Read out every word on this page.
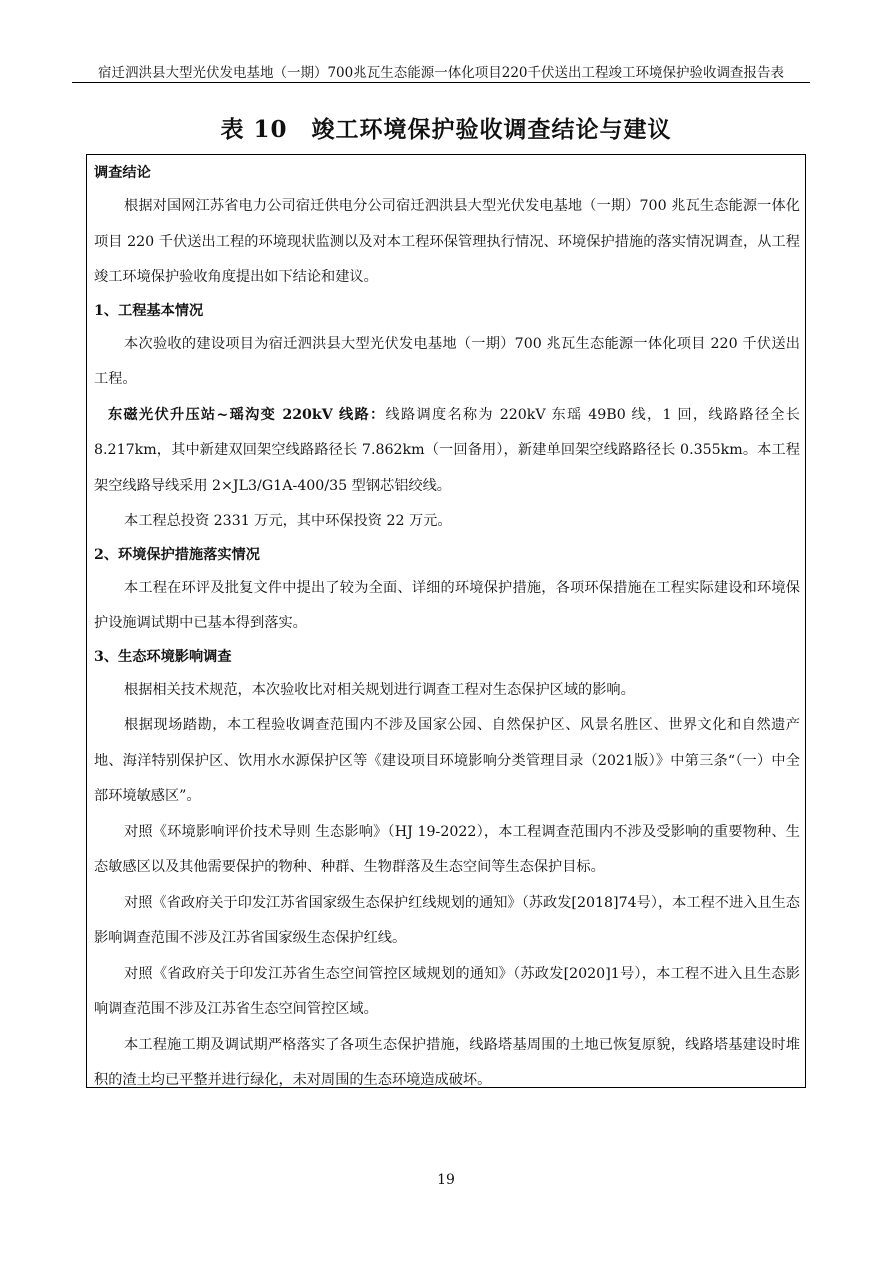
宿迁泗洪县大型光伏发电基地（一期）700兆瓦生态能源一体化项目220千伏送出工程竣工环境保护验收调查报告表
表 10　竣工环境保护验收调查结论与建议

调查结论

根据对国网江苏省电力公司宿迁供电分公司宿迁泗洪县大型光伏发电基地（一期）700 兆瓦生态能源一体化项目 220 千伏送出工程的环境现状监测以及对本工程环保管理执行情况、环境保护措施的落实情况调查，从工程竣工环境保护验收角度提出如下结论和建议。

1、工程基本情况

本次验收的建设项目为宿迁泗洪县大型光伏发电基地（一期）700 兆瓦生态能源一体化项目 220 千伏送出工程。

东磁光伏升压站~瑶沟变 220kV 线路：线路调度名称为 220kV 东瑶 49B0 线，1 回，线路路径全长 8.217km，其中新建双回架空线路路径长 7.862km（一回备用），新建单回架空线路路径长 0.355km。本工程架空线路导线采用 2×JL3/G1A-400/35 型钢芯铝绞线。

本工程总投资 2331 万元，其中环保投资 22 万元。

2、环境保护措施落实情况

本工程在环评及批复文件中提出了较为全面、详细的环境保护措施，各项环保措施在工程实际建设和环境保护设施调试期中已基本得到落实。

3、生态环境影响调查

根据相关技术规范，本次验收比对相关规划进行调查工程对生态保护区域的影响。

根据现场踏勘，本工程验收调查范围内不涉及国家公园、自然保护区、风景名胜区、世界文化和自然遗产地、海洋特别保护区、饮用水水源保护区等《建设项目环境影响分类管理目录（2021版）》中第三条“（一）中全部环境敏感区”。

对照《环境影响评价技术导则 生态影响》（HJ 19-2022），本工程调查范围内不涉及受影响的重要物种、生态敏感区以及其他需要保护的物种、种群、生物群落及生态空间等生态保护目标。

对照《省政府关于印发江苏省国家级生态保护红线规划的通知》（苏政发[2018]74号），本工程不进入且生态影响调查范围不涉及江苏省国家级生态保护红线。

对照《省政府关于印发江苏省生态空间管控区域规划的通知》（苏政发[2020]1号），本工程不进入且生态影响调查范围不涉及江苏省生态空间管控区域。

本工程施工期及调试期严格落实了各项生态保护措施，线路塔基周围的土地已恢复原貌，线路塔基建设时堆积的渣土均已平整并进行绿化，未对周围的生态环境造成破坏。

19
